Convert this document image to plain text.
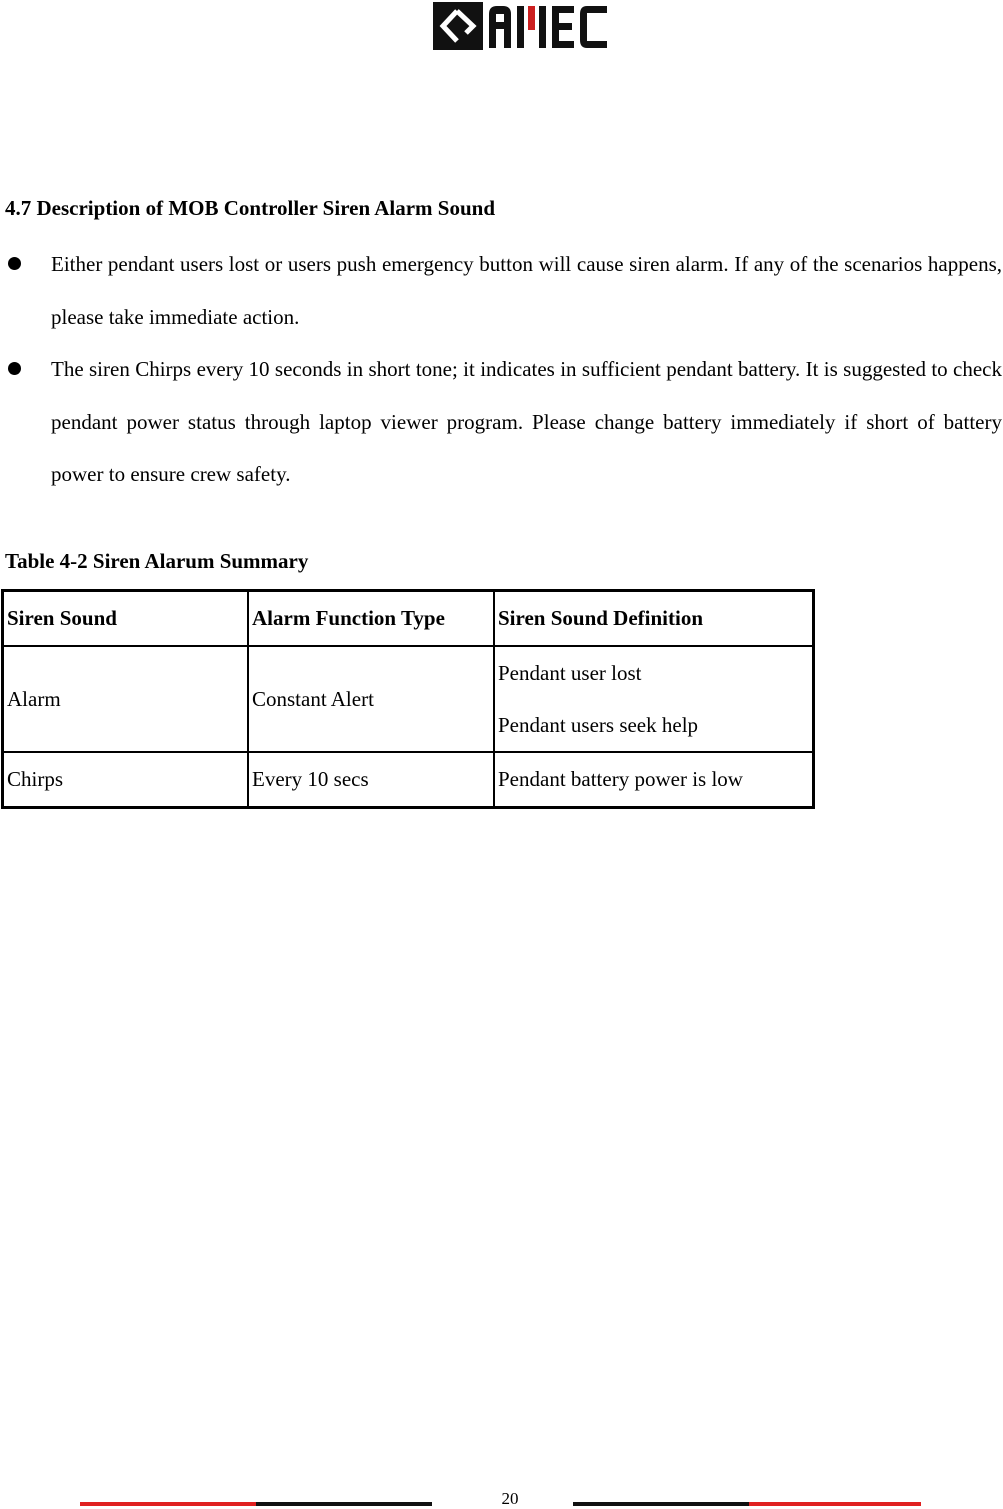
4.7 Description of MOB Controller Siren Alarm Sound
Either pendant users lost or users push emergency button will cause siren alarm. If any of the scenarios happens, please take immediate action.
The siren Chirps every 10 seconds in short tone; it indicates in sufficient pendant battery. It is suggested to check pendant power status through laptop viewer program. Please change battery immediately if short of battery power to ensure crew safety.
Table 4-2 Siren Alarum Summary
Siren Sound	Alarm Function Type	Siren Sound Definition
Alarm	Constant Alert	Pendant user lost
Pendant users seek help

Chirps	Every 10 secs	Pendant battery power is low
20
